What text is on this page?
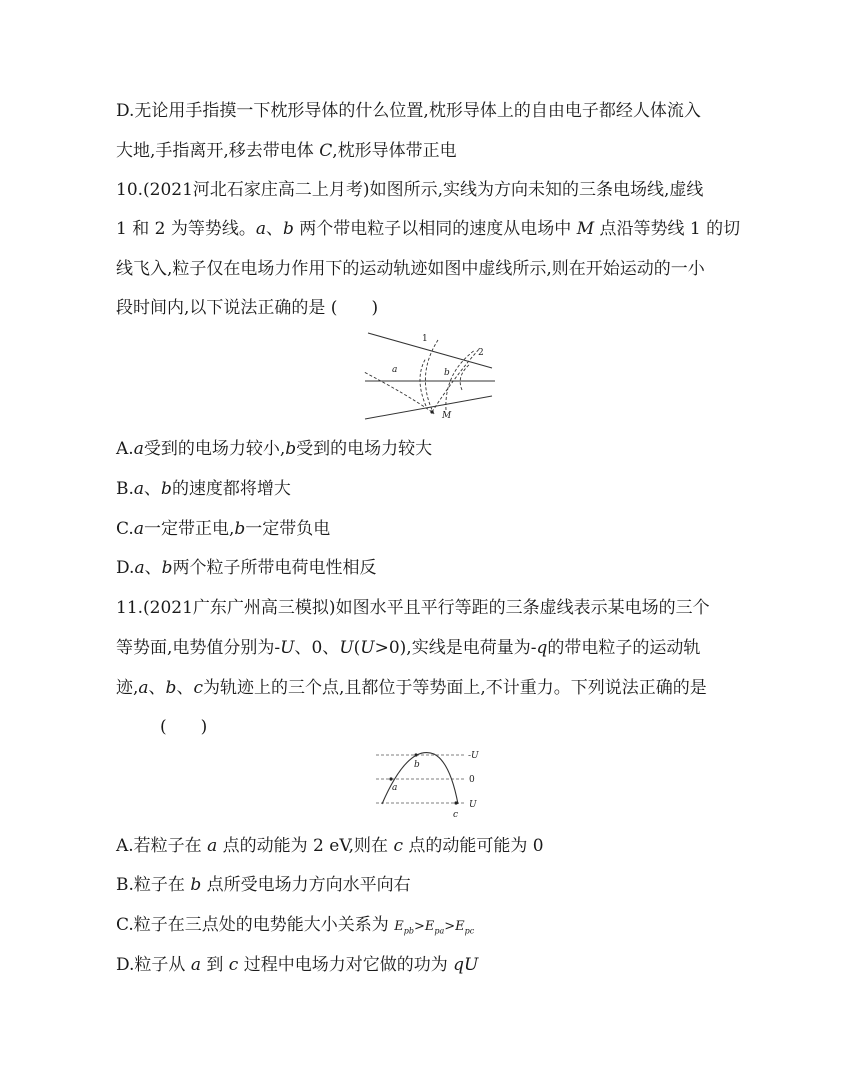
D.无论用手指摸一下枕形导体的什么位置,枕形导体上的自由电子都经人体流入
大地,手指离开,移去带电体 C,枕形导体带正电
10.(2021河北石家庄高二上月考)如图所示,实线为方向未知的三条电场线,虚线
1 和 2 为等势线。a、b 两个带电粒子以相同的速度从电场中 M 点沿等势线 1 的切
线飞入,粒子仅在电场力作用下的运动轨迹如图中虚线所示,则在开始运动的一小
段时间内,以下说法正确的是 (　　)
1
2
a	b
M
A.a受到的电场力较小,b受到的电场力较大
B.a、b的速度都将增大
C.a一定带正电,b一定带负电
D.a、b两个粒子所带电荷电性相反
11.(2021广东广州高三模拟)如图水平且平行等距的三条虚线表示某电场的三个
等势面,电势值分别为-U、0、U(U>0),实线是电荷量为-q的带电粒子的运动轨
迹,a、b、c为轨迹上的三个点,且都位于等势面上,不计重力。下列说法正确的是
(　　)
-U
0
U
a
b
c
A.若粒子在 a 点的动能为 2 eV,则在 c 点的动能可能为 0
B.粒子在 b 点所受电场力方向水平向右
C.粒子在三点处的电势能大小关系为 $E_{pb}>E_{pa}>E_{pc}$
D.粒子从 a 到 c 过程中电场力对它做的功为 qU
